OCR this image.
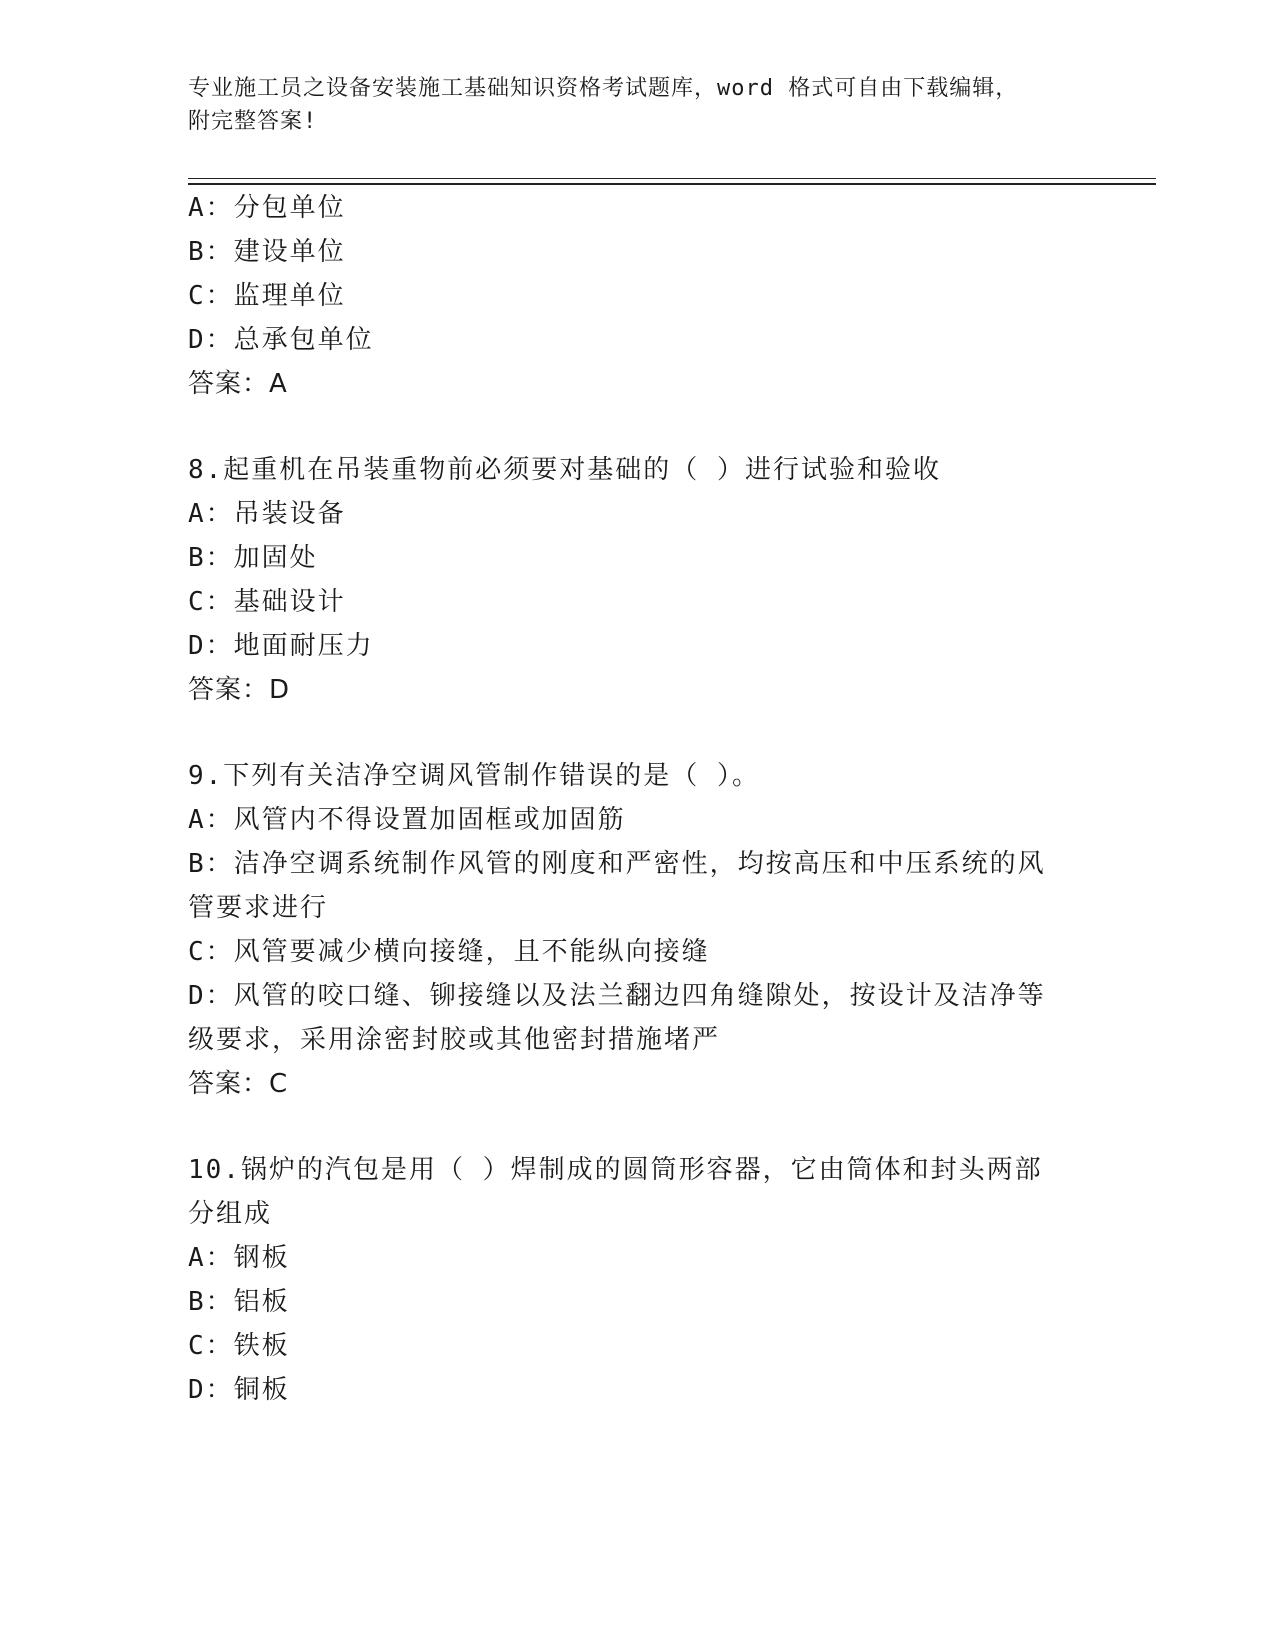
专业施工员之设备安装施工基础知识资格考试题库，word 格式可自由下载编辑，
附完整答案!
A：分包单位
B：建设单位
C：监理单位
D：总承包单位
答案：A
8.起重机在吊装重物前必须要对基础的（ ）进行试验和验收
A：吊装设备
B：加固处
C：基础设计
D：地面耐压力
答案：D
9.下列有关洁净空调风管制作错误的是（ ）。
A：风管内不得设置加固框或加固筋
B：洁净空调系统制作风管的刚度和严密性，均按高压和中压系统的风
管要求进行
C：风管要减少横向接缝，且不能纵向接缝
D：风管的咬口缝、铆接缝以及法兰翻边四角缝隙处，按设计及洁净等
级要求，采用涂密封胶或其他密封措施堵严
答案：C
10.锅炉的汽包是用（ ）焊制成的圆筒形容器，它由筒体和封头两部
分组成
A：钢板
B：铝板
C：铁板
D：铜板
